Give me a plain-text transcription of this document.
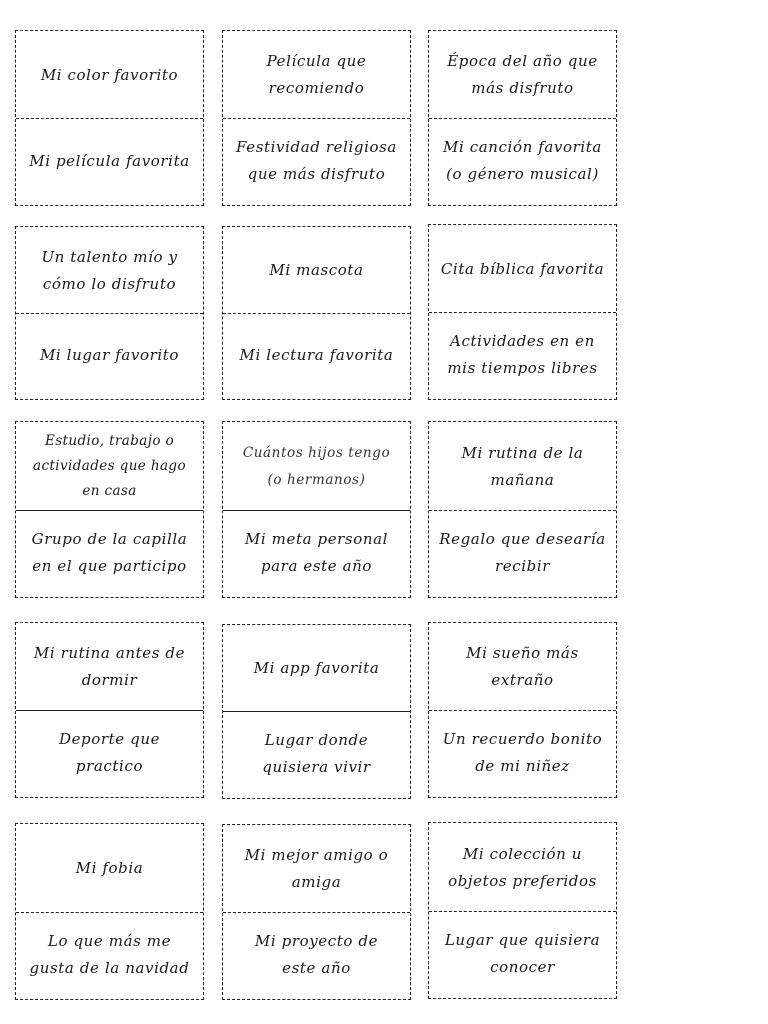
Mi color favorito
Mi película favorita
Película que
recomiendo
Festividad religiosa
que más disfruto
Época del año que
más disfruto
Mi canción favorita
(o género musical)
Un talento mío y
cómo lo disfruto
Mi lugar favorito
Mi mascota
Mi lectura favorita
Cita bíblica favorita
Actividades en en
mis tiempos libres
Estudio, trabajo o
actividades que hago
en casa
Grupo de la capilla
en el que participo
Cuántos hijos tengo
(o hermanos)
Mi meta personal
para este año
Mi rutina de la
mañana
Regalo que desearía
recibir
Mi rutina antes de
dormir
Deporte que
practico
Mi app favorita
Lugar donde
quisiera vivir
Mi sueño más
extraño
Un recuerdo bonito
de mi niñez
Mi fobia
Lo que más me
gusta de la navidad
Mi mejor amigo o
amiga
Mi proyecto de
este año
Mi colección u
objetos preferidos
Lugar que quisiera
conocer
